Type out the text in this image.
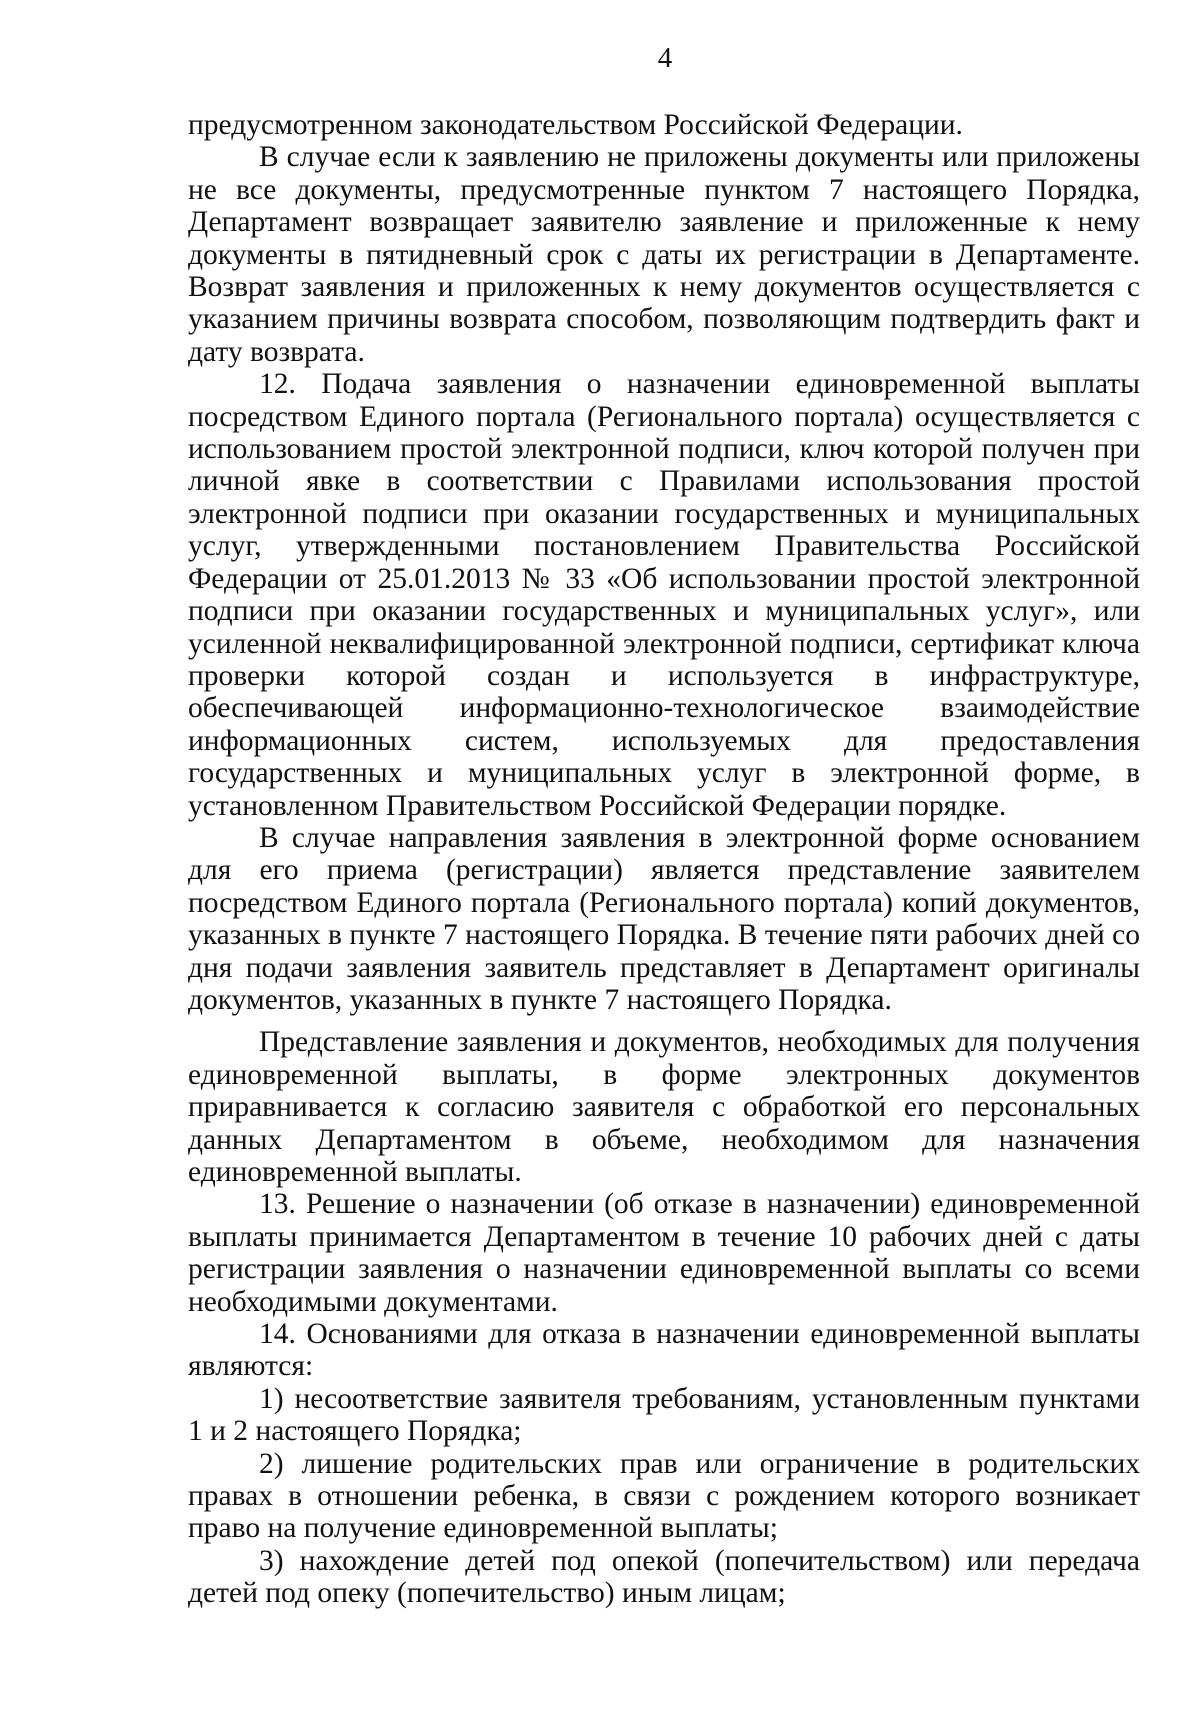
4

предусмотренном законодательством Российской Федерации.

В случае если к заявлению не приложены документы или приложены не все документы, предусмотренные пунктом 7 настоящего Порядка, Департамент возвращает заявителю заявление и приложенные к нему документы в пятидневный срок с даты их регистрации в Департаменте. Возврат заявления и приложенных к нему документов осуществляется с указанием причины возврата способом, позволяющим подтвердить факт и дату возврата.

12. Подача заявления о назначении единовременной выплаты посредством Единого портала (Регионального портала) осуществляется с использованием простой электронной подписи, ключ которой получен при личной явке в соответствии с Правилами использования простой электронной подписи при оказании государственных и муниципальных услуг, утвержденными постановлением Правительства Российской Федерации от 25.01.2013 № 33 «Об использовании простой электронной подписи при оказании государственных и муниципальных услуг», или усиленной неквалифицированной электронной подписи, сертификат ключа проверки которой создан и используется в инфраструктуре, обеспечивающей информационно-технологическое взаимодействие информационных систем, используемых для предоставления государственных и муниципальных услуг в электронной форме, в установленном Правительством Российской Федерации порядке.

В случае направления заявления в электронной форме основанием для его приема (регистрации) является представление заявителем посредством Единого портала (Регионального портала) копий документов, указанных в пункте 7 настоящего Порядка. В течение пяти рабочих дней со дня подачи заявления заявитель представляет в Департамент оригиналы документов, указанных в пункте 7 настоящего Порядка.

Представление заявления и документов, необходимых для получения единовременной выплаты, в форме электронных документов приравнивается к согласию заявителя с обработкой его персональных данных Департаментом в объеме, необходимом для назначения единовременной выплаты.

13. Решение о назначении (об отказе в назначении) единовременной выплаты принимается Департаментом в течение 10 рабочих дней с даты регистрации заявления о назначении единовременной выплаты со всеми необходимыми документами.

14. Основаниями для отказа в назначении единовременной выплаты являются:

1) несоответствие заявителя требованиям, установленным пунктами 1 и 2 настоящего Порядка;

2) лишение родительских прав или ограничение в родительских правах в отношении ребенка, в связи с рождением которого возникает право на получение единовременной выплаты;

3) нахождение детей под опекой (попечительством) или передача детей под опеку (попечительство) иным лицам;
